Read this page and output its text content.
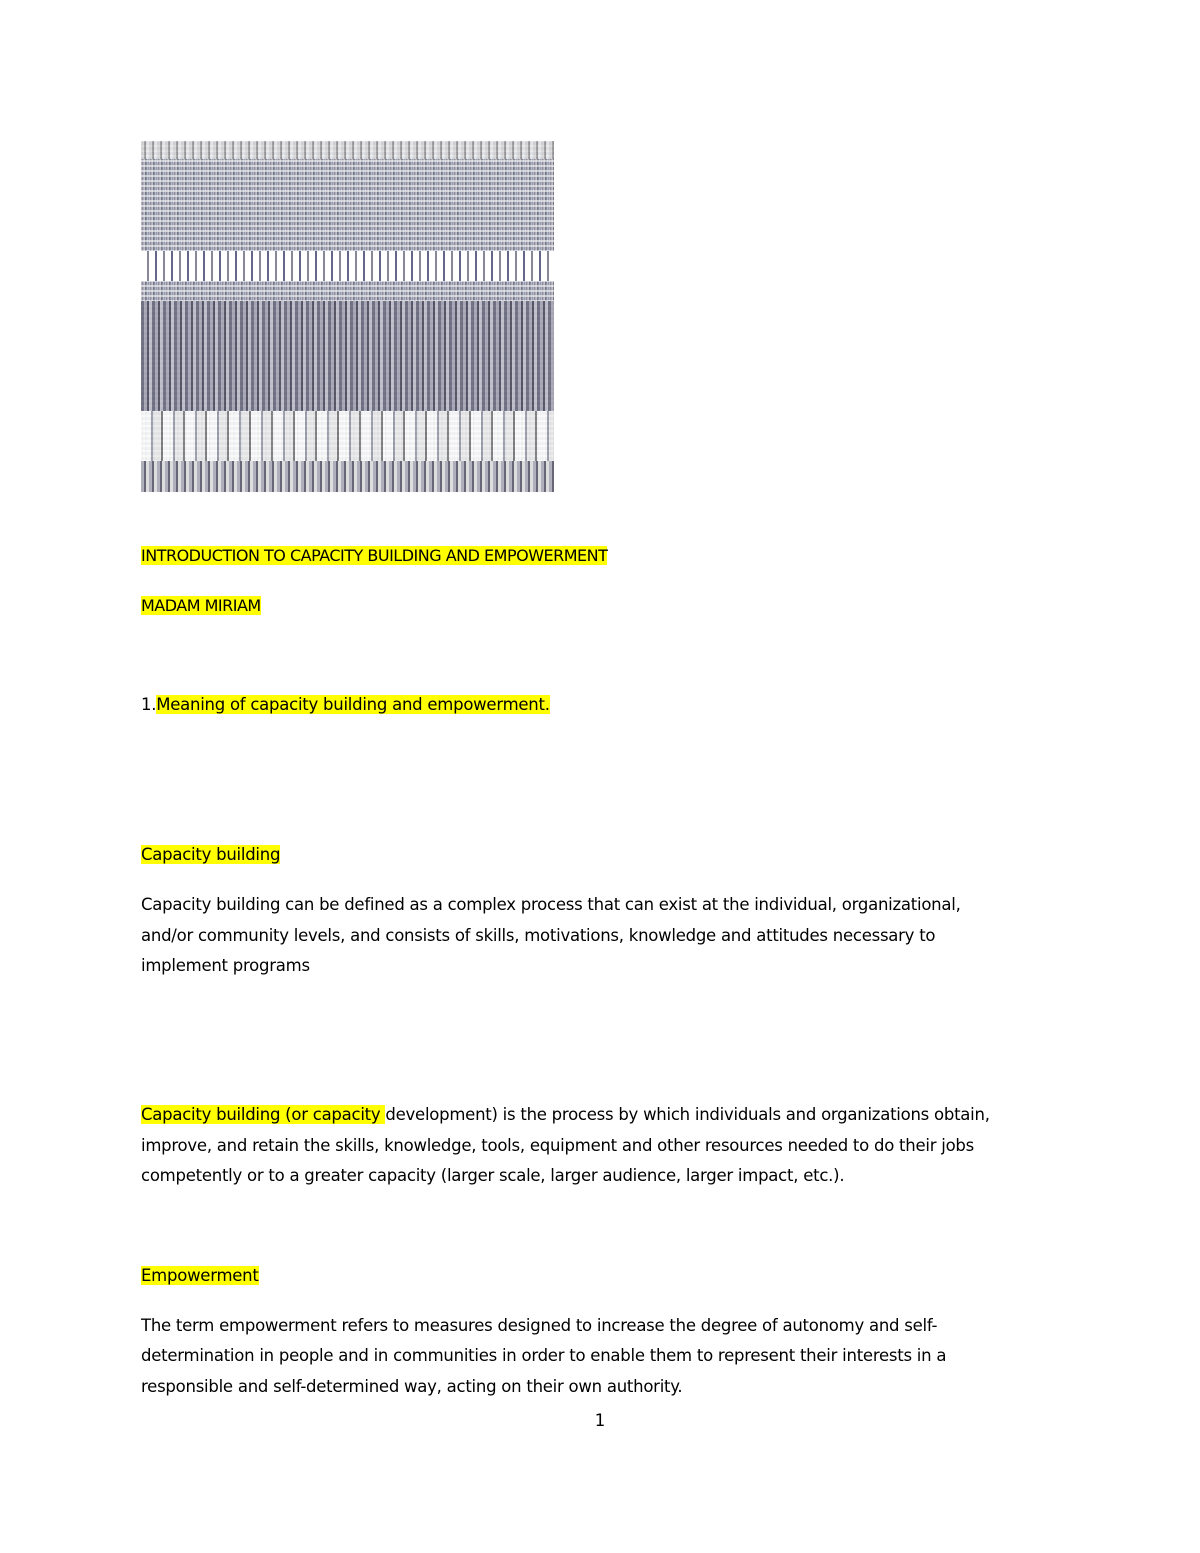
INTRODUCTION TO CAPACITY BUILDING AND EMPOWERMENT
MADAM MIRIAM
1.Meaning of capacity building and empowerment.
Capacity building
Capacity building can be defined as a complex process that can exist at the individual, organizational,
and/or community levels, and consists of skills, motivations, knowledge and attitudes necessary to
implement programs
Capacity building (or capacity development) is the process by which individuals and organizations obtain,
improve, and retain the skills, knowledge, tools, equipment and other resources needed to do their jobs
competently or to a greater capacity (larger scale, larger audience, larger impact, etc.).
Empowerment
The term empowerment refers to measures designed to increase the degree of autonomy and self-
determination in people and in communities in order to enable them to represent their interests in a
responsible and self-determined way, acting on their own authority.
1
